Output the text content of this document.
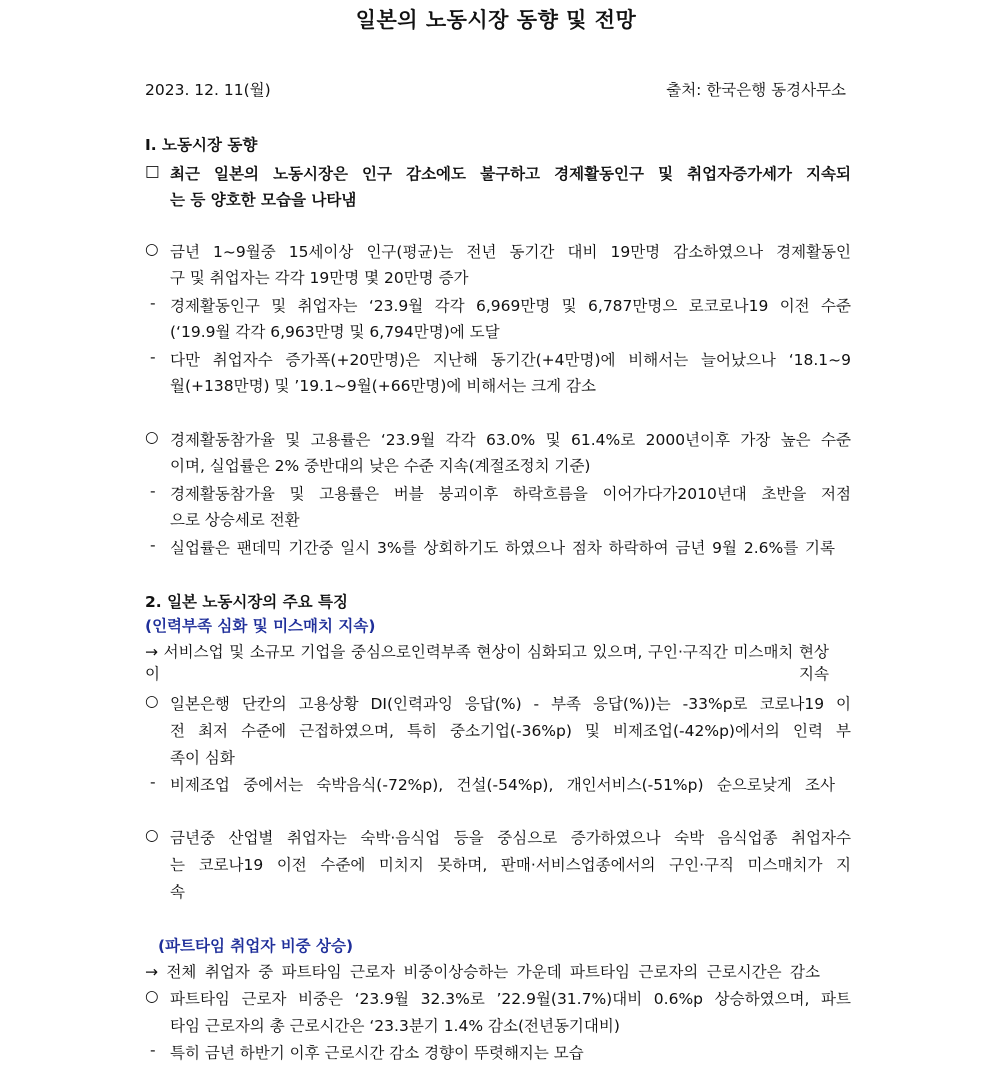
일본의 노동시장 동향 및 전망
2023. 12. 11(월)	출처: 한국은행 동경사무소
Ⅰ. 노동시장 동향
□ 최근 일본의 노동시장은 인구 감소에도 불구하고 경제활동인구 및 취업자증가세가 지속되
는 등 양호한 모습을 나타냄
○ 금년 1~9월중 15세이상 인구(평균)는 전년 동기간 대비 19만명 감소하였으나 경제활동인
구 및 취업자는 각각 19만명 몇 20만명 증가
- 경제활동인구 및 취업자는 ‘23.9월 각각 6,969만명 및 6,787만명으 로코로나19 이전 수준
(‘19.9월 각각 6,963만명 및 6,794만명)에 도달
- 다만 취업자수 증가폭(+20만명)은 지난해 동기간(+4만명)에 비해서는 늘어났으나 ‘18.1~9
월(+138만명) 및 ’19.1~9월(+66만명)에 비해서는 크게 감소
○ 경제활동참가율 및 고용률은 ‘23.9월 각각 63.0% 및 61.4%로 2000년이후 가장 높은 수준
이며, 실업률은 2% 중반대의 낮은 수준 지속(계절조정치 기준)
- 경제활동참가율 및 고용률은 버블 붕괴이후 하락흐름을 이어가다가2010년대 초반을 저점
으로 상승세로 전환
- 실업률은 팬데믹 기간중 일시 3%를 상회하기도 하였으나 점차 하락하여 금년 9월 2.6%를 기록
2. 일본 노동시장의 주요 특징
(인력부족 심화 및 미스매치 지속)
→ 서비스업 및 소규모 기업을 중심으로인력부족 현상이 심화되고 있으며, 구인·구직간 미스매치 현상이 지속
○ 일본은행 단칸의 고용상황 DI(인력과잉 응답(%) - 부족 응답(%))는 -33%p로 코로나19 이
전 최저 수준에 근접하였으며, 특히 중소기업(-36%p) 및 비제조업(-42%p)에서의 인력 부
족이 심화
- 비제조업 중에서는 숙박음식(-72%p), 건설(-54%p), 개인서비스(-51%p) 순으로낮게 조사
○ 금년중 산업별 취업자는 숙박·음식업 등을 중심으로 증가하였으나 숙박 음식업종 취업자수
는 코로나19 이전 수준에 미치지 못하며, 판매·서비스업종에서의 구인·구직 미스매치가 지
속
(파트타임 취업자 비중 상승)
→ 전체 취업자 중 파트타임 근로자 비중이상승하는 가운데 파트타임 근로자의 근로시간은 감소
○ 파트타임 근로자 비중은 ‘23.9월 32.3%로 ’22.9월(31.7%)대비 0.6%p 상승하였으며, 파트
타임 근로자의 총 근로시간은 ‘23.3분기 1.4% 감소(전년동기대비)
- 특히 금년 하반기 이후 근로시간 감소 경향이 뚜렷해지는 모습
